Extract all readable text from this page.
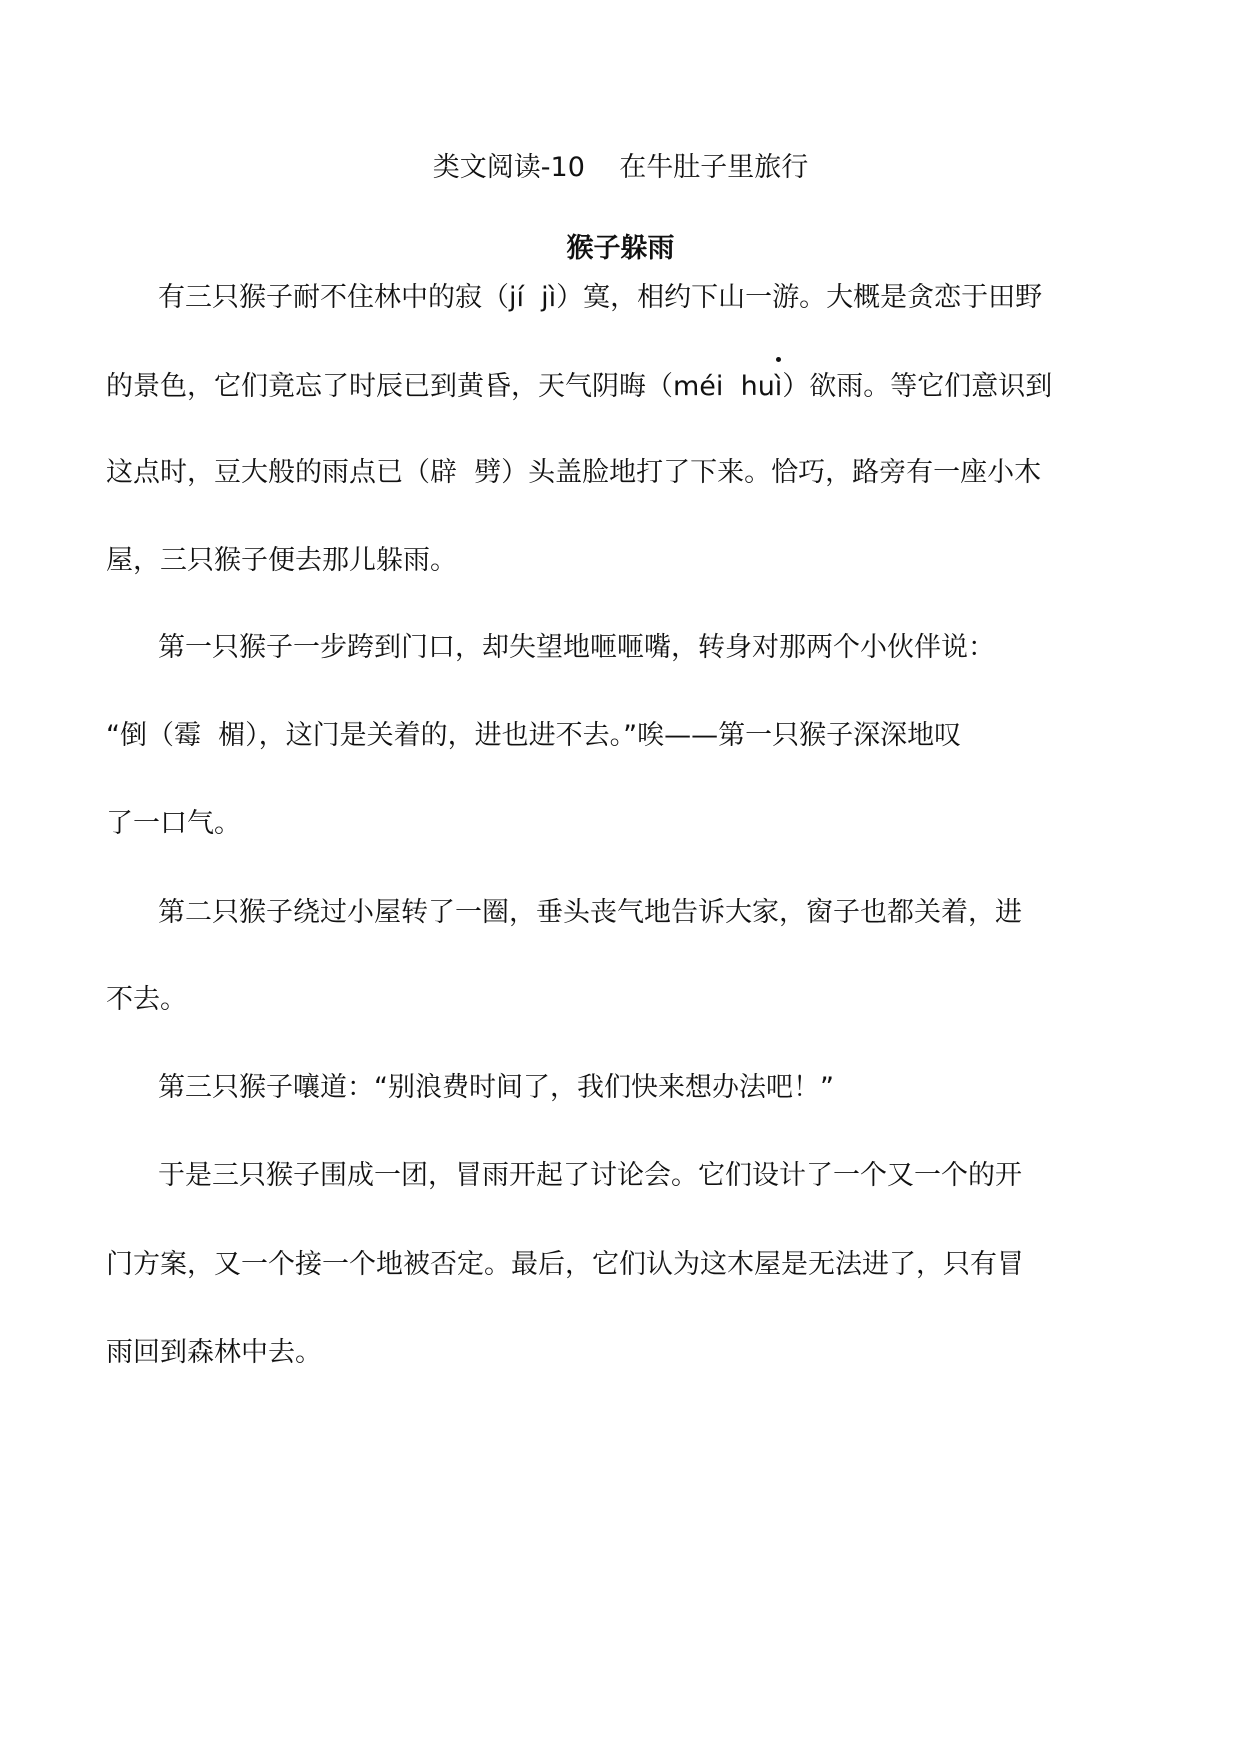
类文阅读-10    在牛肚子里旅行
猴子躲雨
有三只猴子耐不住林中的寂（jí  jì）寞，相约下山一游。大概是贪恋于田野
的景色，它们竟忘了时辰已到黄昏，天气阴晦（méi  huì）欲雨。等它们意识到
这点时，豆大般的雨点已（辟  劈）头盖脸地打了下来。恰巧，路旁有一座小木
屋，三只猴子便去那儿躲雨。
第一只猴子一步跨到门口，却失望地咂咂嘴，转身对那两个小伙伴说：
“倒（霉  楣），这门是关着的，进也进不去。”唉——第一只猴子深深地叹
了一口气。
第二只猴子绕过小屋转了一圈，垂头丧气地告诉大家，窗子也都关着，进
不去。
第三只猴子嚷道：“别浪费时间了，我们快来想办法吧！”
于是三只猴子围成一团，冒雨开起了讨论会。它们设计了一个又一个的开
门方案，又一个接一个地被否定。最后，它们认为这木屋是无法进了，只有冒
雨回到森林中去。
